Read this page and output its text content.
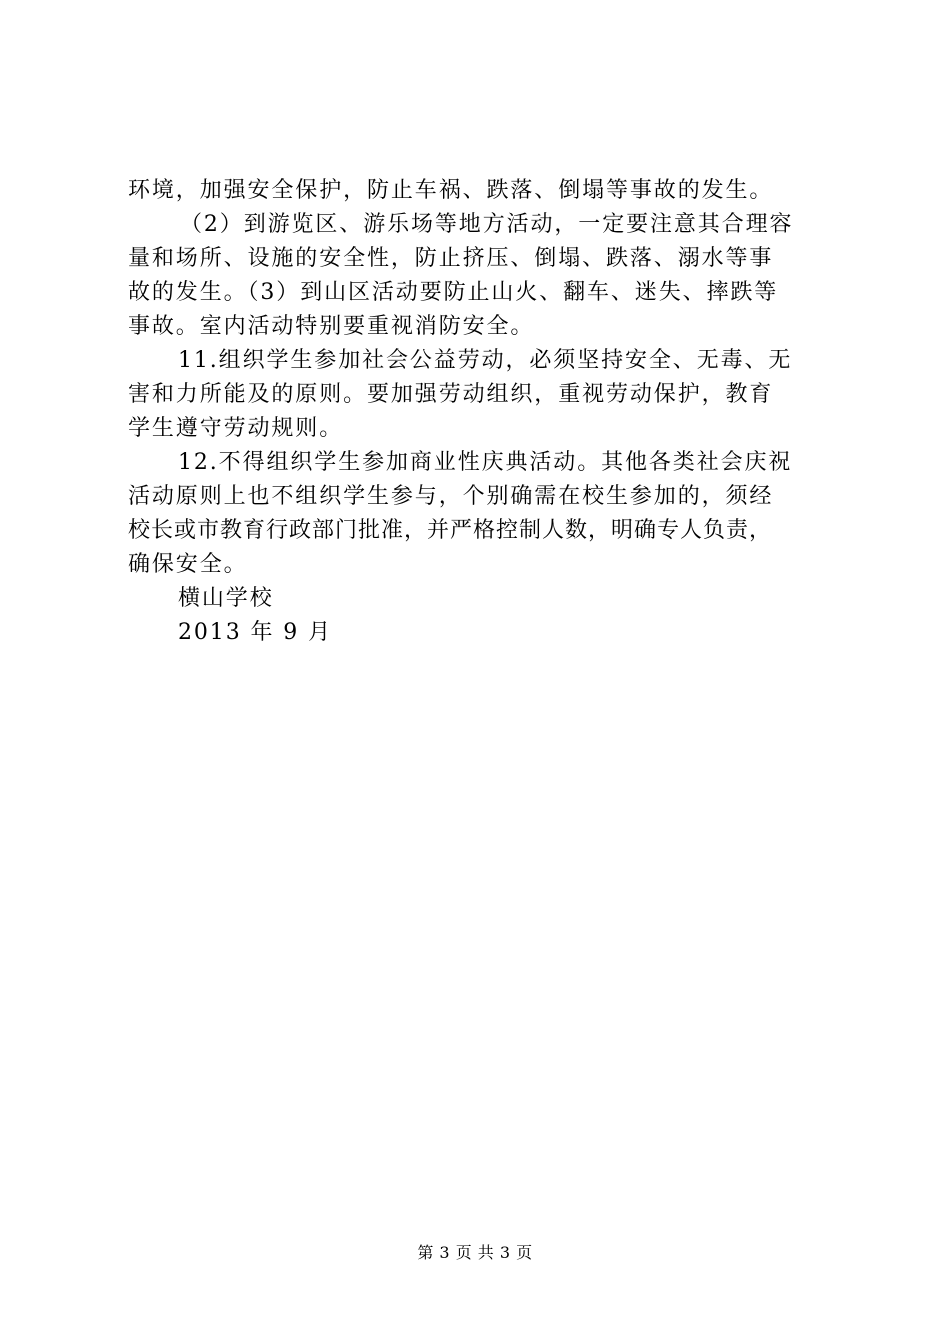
环境，加强安全保护，防止车祸、跌落、倒塌等事故的发生。
（2）到游览区、游乐场等地方活动，一定要注意其合理容
量和场所、设施的安全性，防止挤压、倒塌、跌落、溺水等事
故的发生。（3）到山区活动要防止山火、翻车、迷失、摔跌等
事故。室内活动特别要重视消防安全。
11.组织学生参加社会公益劳动，必须坚持安全、无毒、无
害和力所能及的原则。要加强劳动组织，重视劳动保护，教育
学生遵守劳动规则。
12.不得组织学生参加商业性庆典活动。其他各类社会庆祝
活动原则上也不组织学生参与，个别确需在校生参加的，须经
校长或市教育行政部门批准，并严格控制人数，明确专人负责，
确保安全。
横山学校
2013 年 9 月
第 3 页 共 3 页
